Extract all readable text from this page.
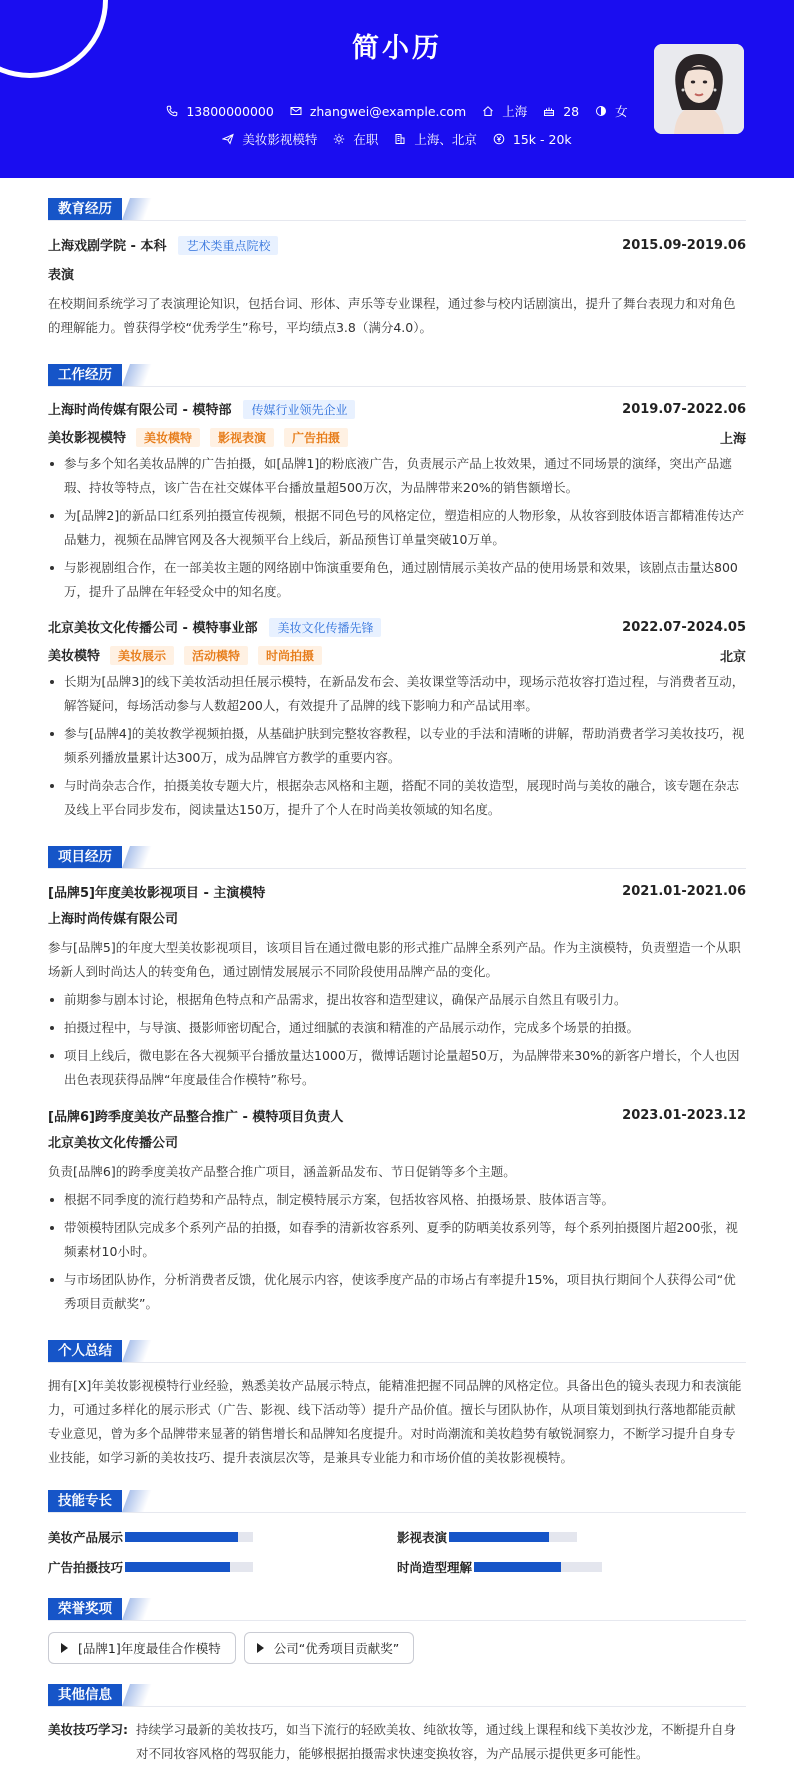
简小历
13800000000	zhangwei@example.com	上海	28	女
美妆影视模特	在职	上海、北京	15k - 20k
教育经历
上海戏剧学院 - 本科 艺术类重点院校	2015.09-2019.06
表演
在校期间系统学习了表演理论知识，包括台词、形体、声乐等专业课程，通过参与校内话剧演出，提升了舞台表现力和对角色的理解能力。曾获得学校“优秀学生”称号，平均绩点3.8（满分4.0）。
工作经历
上海时尚传媒有限公司 - 模特部 传媒行业领先企业	2019.07-2022.06
美妆影视模特 美妆模特 影视表演 广告拍摄	上海
参与多个知名美妆品牌的广告拍摄，如[品牌1]的粉底液广告，负责展示产品上妆效果，通过不同场景的演绎，突出产品遮瑕、持妆等特点，该广告在社交媒体平台播放量超500万次，为品牌带来20%的销售额增长。
为[品牌2]的新品口红系列拍摄宣传视频，根据不同色号的风格定位，塑造相应的人物形象，从妆容到肢体语言都精准传达产品魅力，视频在品牌官网及各大视频平台上线后，新品预售订单量突破10万单。
与影视剧组合作，在一部美妆主题的网络剧中饰演重要角色，通过剧情展示美妆产品的使用场景和效果，该剧点击量达800万，提升了品牌在年轻受众中的知名度。
北京美妆文化传播公司 - 模特事业部 美妆文化传播先锋	2022.07-2024.05
美妆模特 美妆展示 活动模特 时尚拍摄	北京
长期为[品牌3]的线下美妆活动担任展示模特，在新品发布会、美妆课堂等活动中，现场示范妆容打造过程，与消费者互动，解答疑问，每场活动参与人数超200人，有效提升了品牌的线下影响力和产品试用率。
参与[品牌4]的美妆教学视频拍摄，从基础护肤到完整妆容教程，以专业的手法和清晰的讲解，帮助消费者学习美妆技巧，视频系列播放量累计达300万，成为品牌官方教学的重要内容。
与时尚杂志合作，拍摄美妆专题大片，根据杂志风格和主题，搭配不同的美妆造型，展现时尚与美妆的融合，该专题在杂志及线上平台同步发布，阅读量达150万，提升了个人在时尚美妆领域的知名度。
项目经历
[品牌5]年度美妆影视项目 - 主演模特	2021.01-2021.06
上海时尚传媒有限公司
参与[品牌5]的年度大型美妆影视项目，该项目旨在通过微电影的形式推广品牌全系列产品。作为主演模特，负责塑造一个从职场新人到时尚达人的转变角色，通过剧情发展展示不同阶段使用品牌产品的变化。
前期参与剧本讨论，根据角色特点和产品需求，提出妆容和造型建议，确保产品展示自然且有吸引力。
拍摄过程中，与导演、摄影师密切配合，通过细腻的表演和精准的产品展示动作，完成多个场景的拍摄。
项目上线后，微电影在各大视频平台播放量达1000万，微博话题讨论量超50万，为品牌带来30%的新客户增长，个人也因出色表现获得品牌“年度最佳合作模特”称号。
[品牌6]跨季度美妆产品整合推广 - 模特项目负责人	2023.01-2023.12
北京美妆文化传播公司
负责[品牌6]的跨季度美妆产品整合推广项目，涵盖新品发布、节日促销等多个主题。
根据不同季度的流行趋势和产品特点，制定模特展示方案，包括妆容风格、拍摄场景、肢体语言等。
带领模特团队完成多个系列产品的拍摄，如春季的清新妆容系列、夏季的防晒美妆系列等，每个系列拍摄图片超200张，视频素材10小时。
与市场团队协作，分析消费者反馈，优化展示内容，使该季度产品的市场占有率提升15%，项目执行期间个人获得公司“优秀项目贡献奖”。
个人总结
拥有[X]年美妆影视模特行业经验，熟悉美妆产品展示特点，能精准把握不同品牌的风格定位。具备出色的镜头表现力和表演能力，可通过多样化的展示形式（广告、影视、线下活动等）提升产品价值。擅长与团队协作，从项目策划到执行落地都能贡献专业意见，曾为多个品牌带来显著的销售增长和品牌知名度提升。对时尚潮流和美妆趋势有敏锐洞察力，不断学习提升自身专业技能，如学习新的美妆技巧、提升表演层次等，是兼具专业能力和市场价值的美妆影视模特。
技能专长
美妆产品展示	影视表演
广告拍摄技巧	时尚造型理解
荣誉奖项
[品牌1]年度最佳合作模特	公司“优秀项目贡献奖”
其他信息
美妆技巧学习: 持续学习最新的美妆技巧，如当下流行的轻欧美妆、纯欲妆等，通过线上课程和线下美妆沙龙，不断提升自身对不同妆容风格的驾驭能力，能够根据拍摄需求快速变换妆容，为产品展示提供更多可能性。
